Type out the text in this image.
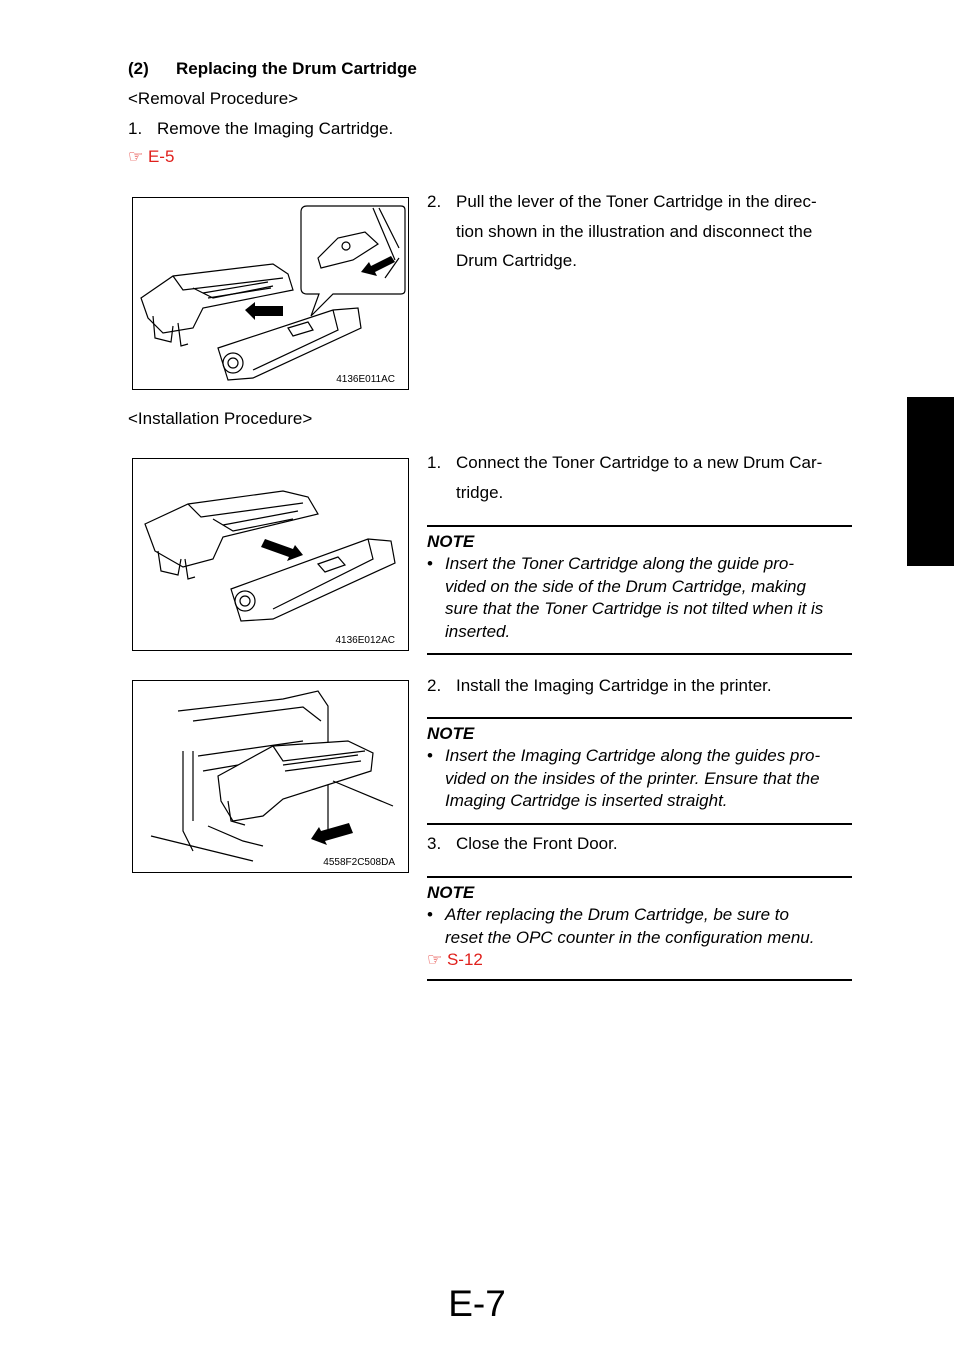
(2) Replacing the Drum Cartridge
<Removal Procedure>
1. Remove the Imaging Cartridge.
☞ E-5
4136E011AC
2. Pull the lever of the Toner Cartridge in the direc-
tion shown in the illustration and disconnect the
Drum Cartridge.
<Installation Procedure>
4136E012AC
1. Connect the Toner Cartridge to a new Drum Car-
tridge.
NOTE
• Insert the Toner Cartridge along the guide pro-
vided on the side of the Drum Cartridge, making
sure that the Toner Cartridge is not tilted when it is
inserted.
4558F2C508DA
2. Install the Imaging Cartridge in the printer.
NOTE
• Insert the Imaging Cartridge along the guides pro-
vided on the insides of the printer. Ensure that the
Imaging Cartridge is inserted straight.
3. Close the Front Door.
NOTE
• After replacing the Drum Cartridge, be sure to
reset the OPC counter in the configuration menu.
☞ S-12
E-7
